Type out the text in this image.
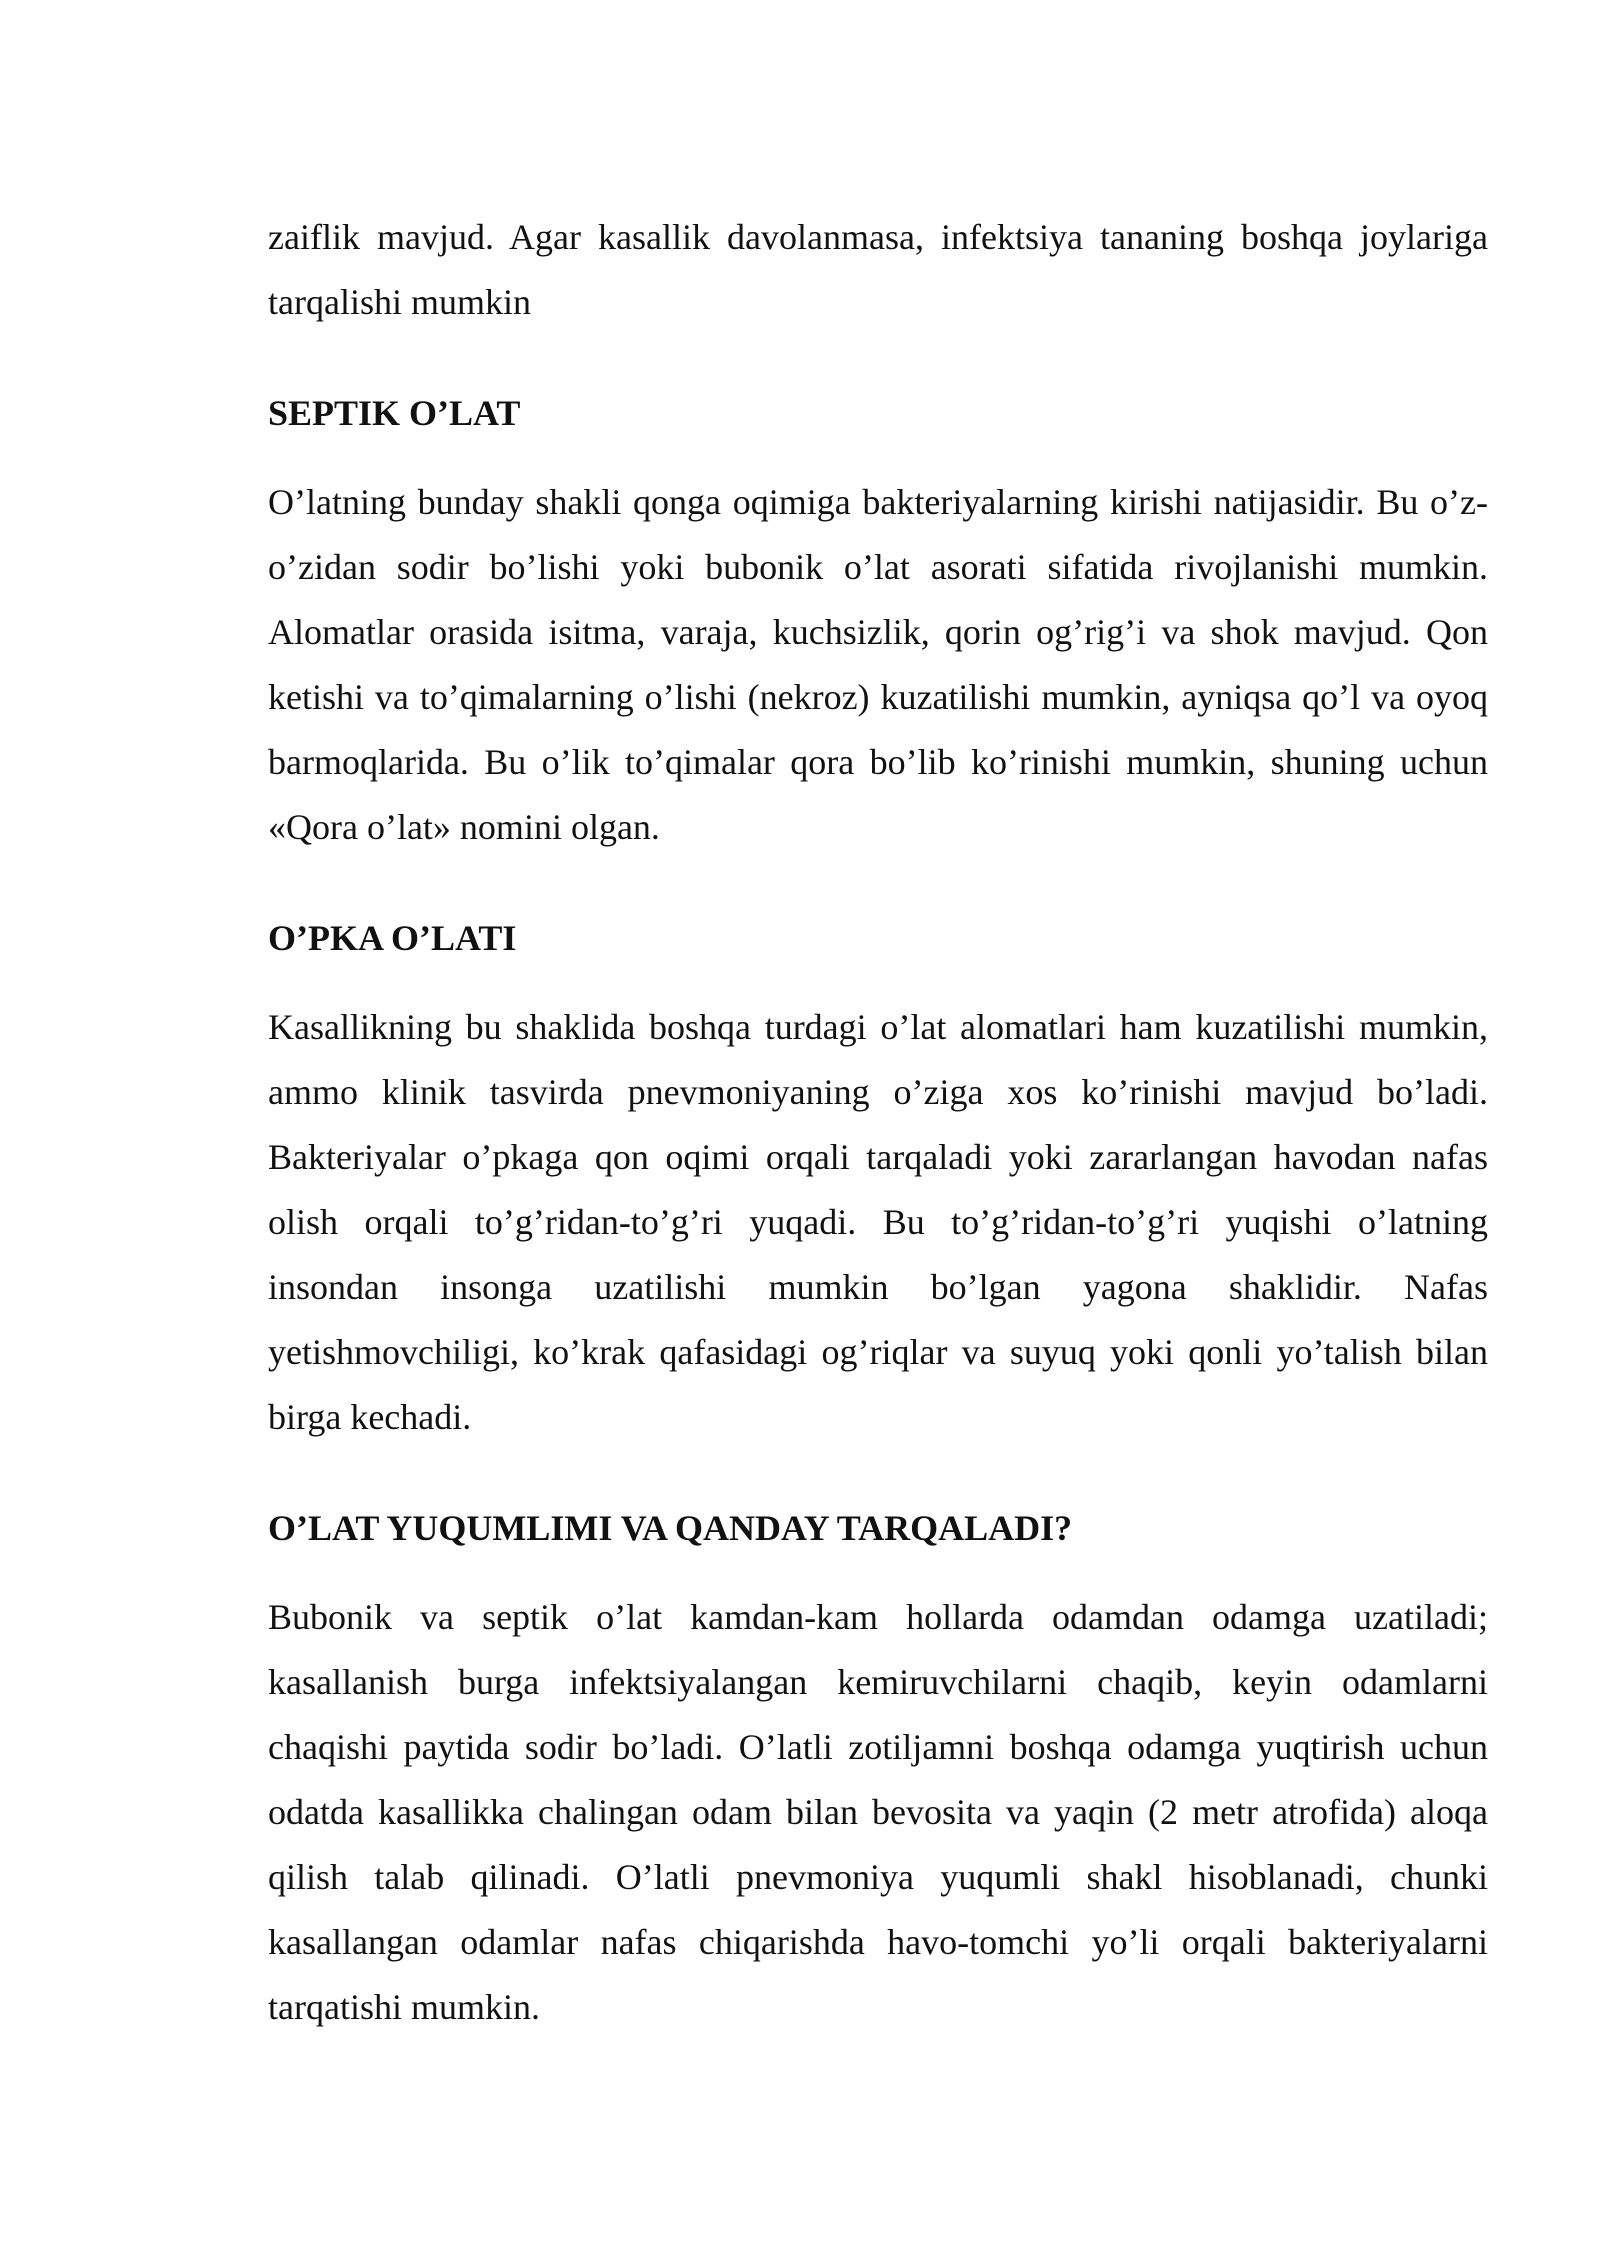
zaiflik mavjud. Agar kasallik davolanmasa, infektsiya tananing boshqa joylariga tarqalishi mumkin

SEPTIK O’LAT

O’latning bunday shakli qonga oqimiga bakteriyalarning kirishi natijasidir. Bu o’z-o’zidan sodir bo’lishi yoki bubonik o’lat asorati sifatida rivojlanishi mumkin. Alomatlar orasida isitma, varaja, kuchsizlik, qorin og’rig’i va shok mavjud. Qon ketishi va to’qimalarning o’lishi (nekroz) kuzatilishi mumkin, ayniqsa qo’l va oyoq barmoqlarida. Bu o’lik to’qimalar qora bo’lib ko’rinishi mumkin, shuning uchun «Qora o’lat» nomini olgan.

O’PKA O’LATI

Kasallikning bu shaklida boshqa turdagi o’lat alomatlari ham kuzatilishi mumkin, ammo klinik tasvirda pnevmoniyaning o’ziga xos ko’rinishi mavjud bo’ladi. Bakteriyalar o’pkaga qon oqimi orqali tarqaladi yoki zararlangan havodan nafas olish orqali to’g’ridan-to’g’ri yuqadi. Bu to’g’ridan-to’g’ri yuqishi o’latning insondan insonga uzatilishi mumkin bo’lgan yagona shaklidir. Nafas yetishmovchiligi, ko’krak qafasidagi og’riqlar va suyuq yoki qonli yo’talish bilan birga kechadi.

O’LAT YUQUMLIMI VA QANDAY TARQALADI?

Bubonik va septik o’lat kamdan-kam hollarda odamdan odamga uzatiladi; kasallanish burga infektsiyalangan kemiruvchilarni chaqib, keyin odamlarni chaqishi paytida sodir bo’ladi. O’latli zotiljamni boshqa odamga yuqtirish uchun odatda kasallikka chalingan odam bilan bevosita va yaqin (2 metr atrofida) aloqa qilish talab qilinadi. O’latli pnevmoniya yuqumli shakl hisoblanadi, chunki kasallangan odamlar nafas chiqarishda havo-tomchi yo’li orqali bakteriyalarni tarqatishi mumkin.
